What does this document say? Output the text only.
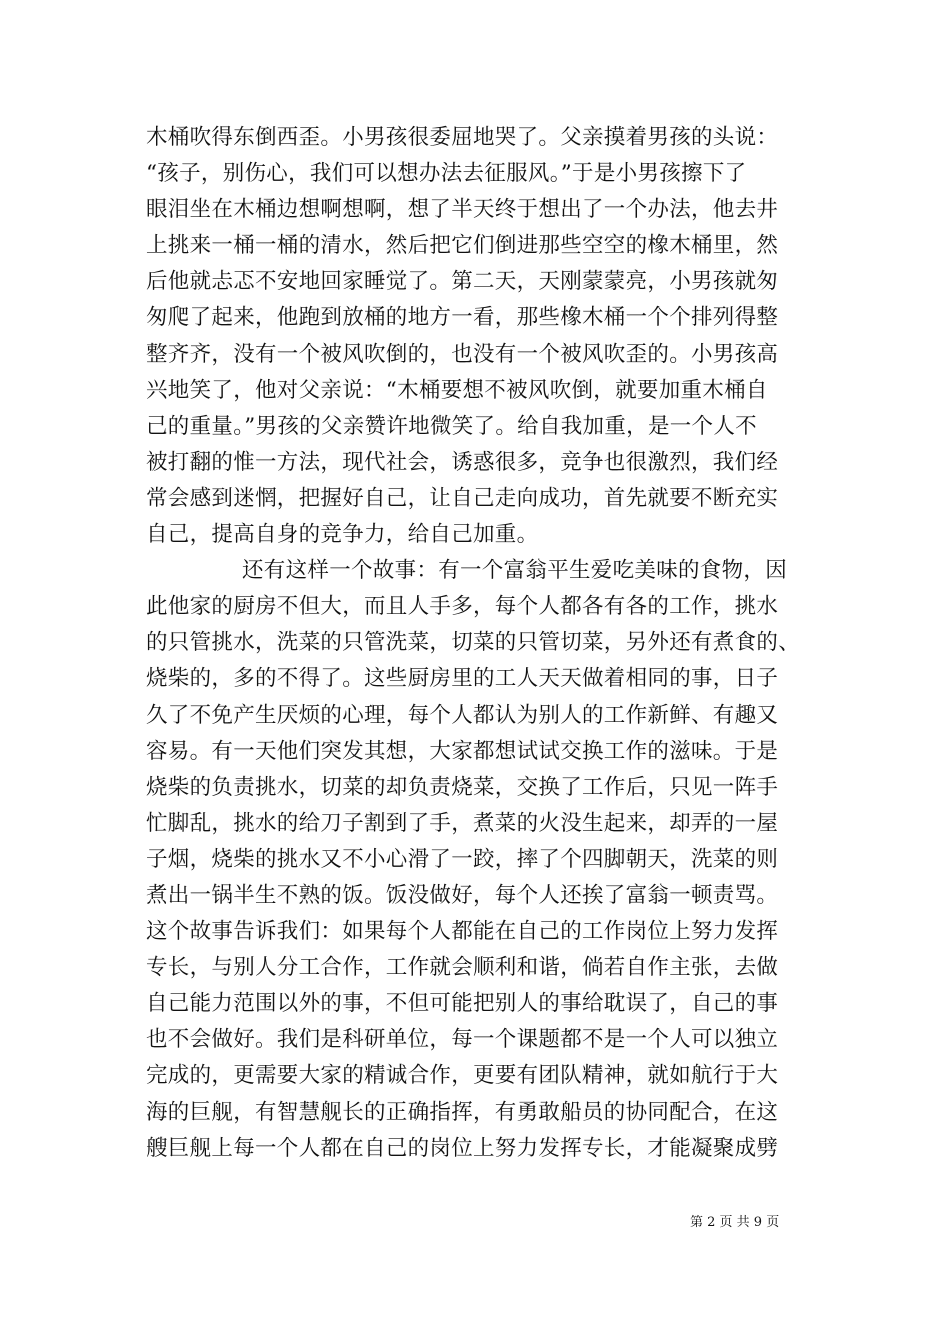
木桶吹得东倒西歪。小男孩很委屈地哭了。父亲摸着男孩的头说：
“孩子，别伤心，我们可以想办法去征服风。”于是小男孩擦下了
眼泪坐在木桶边想啊想啊，想了半天终于想出了一个办法，他去井
上挑来一桶一桶的清水，然后把它们倒进那些空空的橡木桶里，然
后他就忐忑不安地回家睡觉了。第二天，天刚蒙蒙亮，小男孩就匆
匆爬了起来，他跑到放桶的地方一看，那些橡木桶一个个排列得整
整齐齐，没有一个被风吹倒的，也没有一个被风吹歪的。小男孩高
兴地笑了，他对父亲说：“木桶要想不被风吹倒，就要加重木桶自
己的重量。”男孩的父亲赞许地微笑了。给自我加重，是一个人不
被打翻的惟一方法，现代社会，诱惑很多，竞争也很激烈，我们经
常会感到迷惘，把握好自己，让自己走向成功，首先就要不断充实
自己，提高自身的竞争力，给自己加重。
还有这样一个故事：有一个富翁平生爱吃美味的食物，因
此他家的厨房不但大，而且人手多，每个人都各有各的工作，挑水
的只管挑水，洗菜的只管洗菜，切菜的只管切菜，另外还有煮食的、
烧柴的，多的不得了。这些厨房里的工人天天做着相同的事，日子
久了不免产生厌烦的心理，每个人都认为别人的工作新鲜、有趣又
容易。有一天他们突发其想，大家都想试试交换工作的滋味。于是
烧柴的负责挑水，切菜的却负责烧菜，交换了工作后，只见一阵手
忙脚乱，挑水的给刀子割到了手，煮菜的火没生起来，却弄的一屋
子烟，烧柴的挑水又不小心滑了一跤，摔了个四脚朝天，洗菜的则
煮出一锅半生不熟的饭。饭没做好，每个人还挨了富翁一顿责骂。
这个故事告诉我们：如果每个人都能在自己的工作岗位上努力发挥
专长，与别人分工合作，工作就会顺利和谐，倘若自作主张，去做
自己能力范围以外的事，不但可能把别人的事给耽误了，自己的事
也不会做好。我们是科研单位，每一个课题都不是一个人可以独立
完成的，更需要大家的精诚合作，更要有团队精神，就如航行于大
海的巨舰，有智慧舰长的正确指挥，有勇敢船员的协同配合，在这
艘巨舰上每一个人都在自己的岗位上努力发挥专长，才能凝聚成劈
第 2 页 共 9 页
